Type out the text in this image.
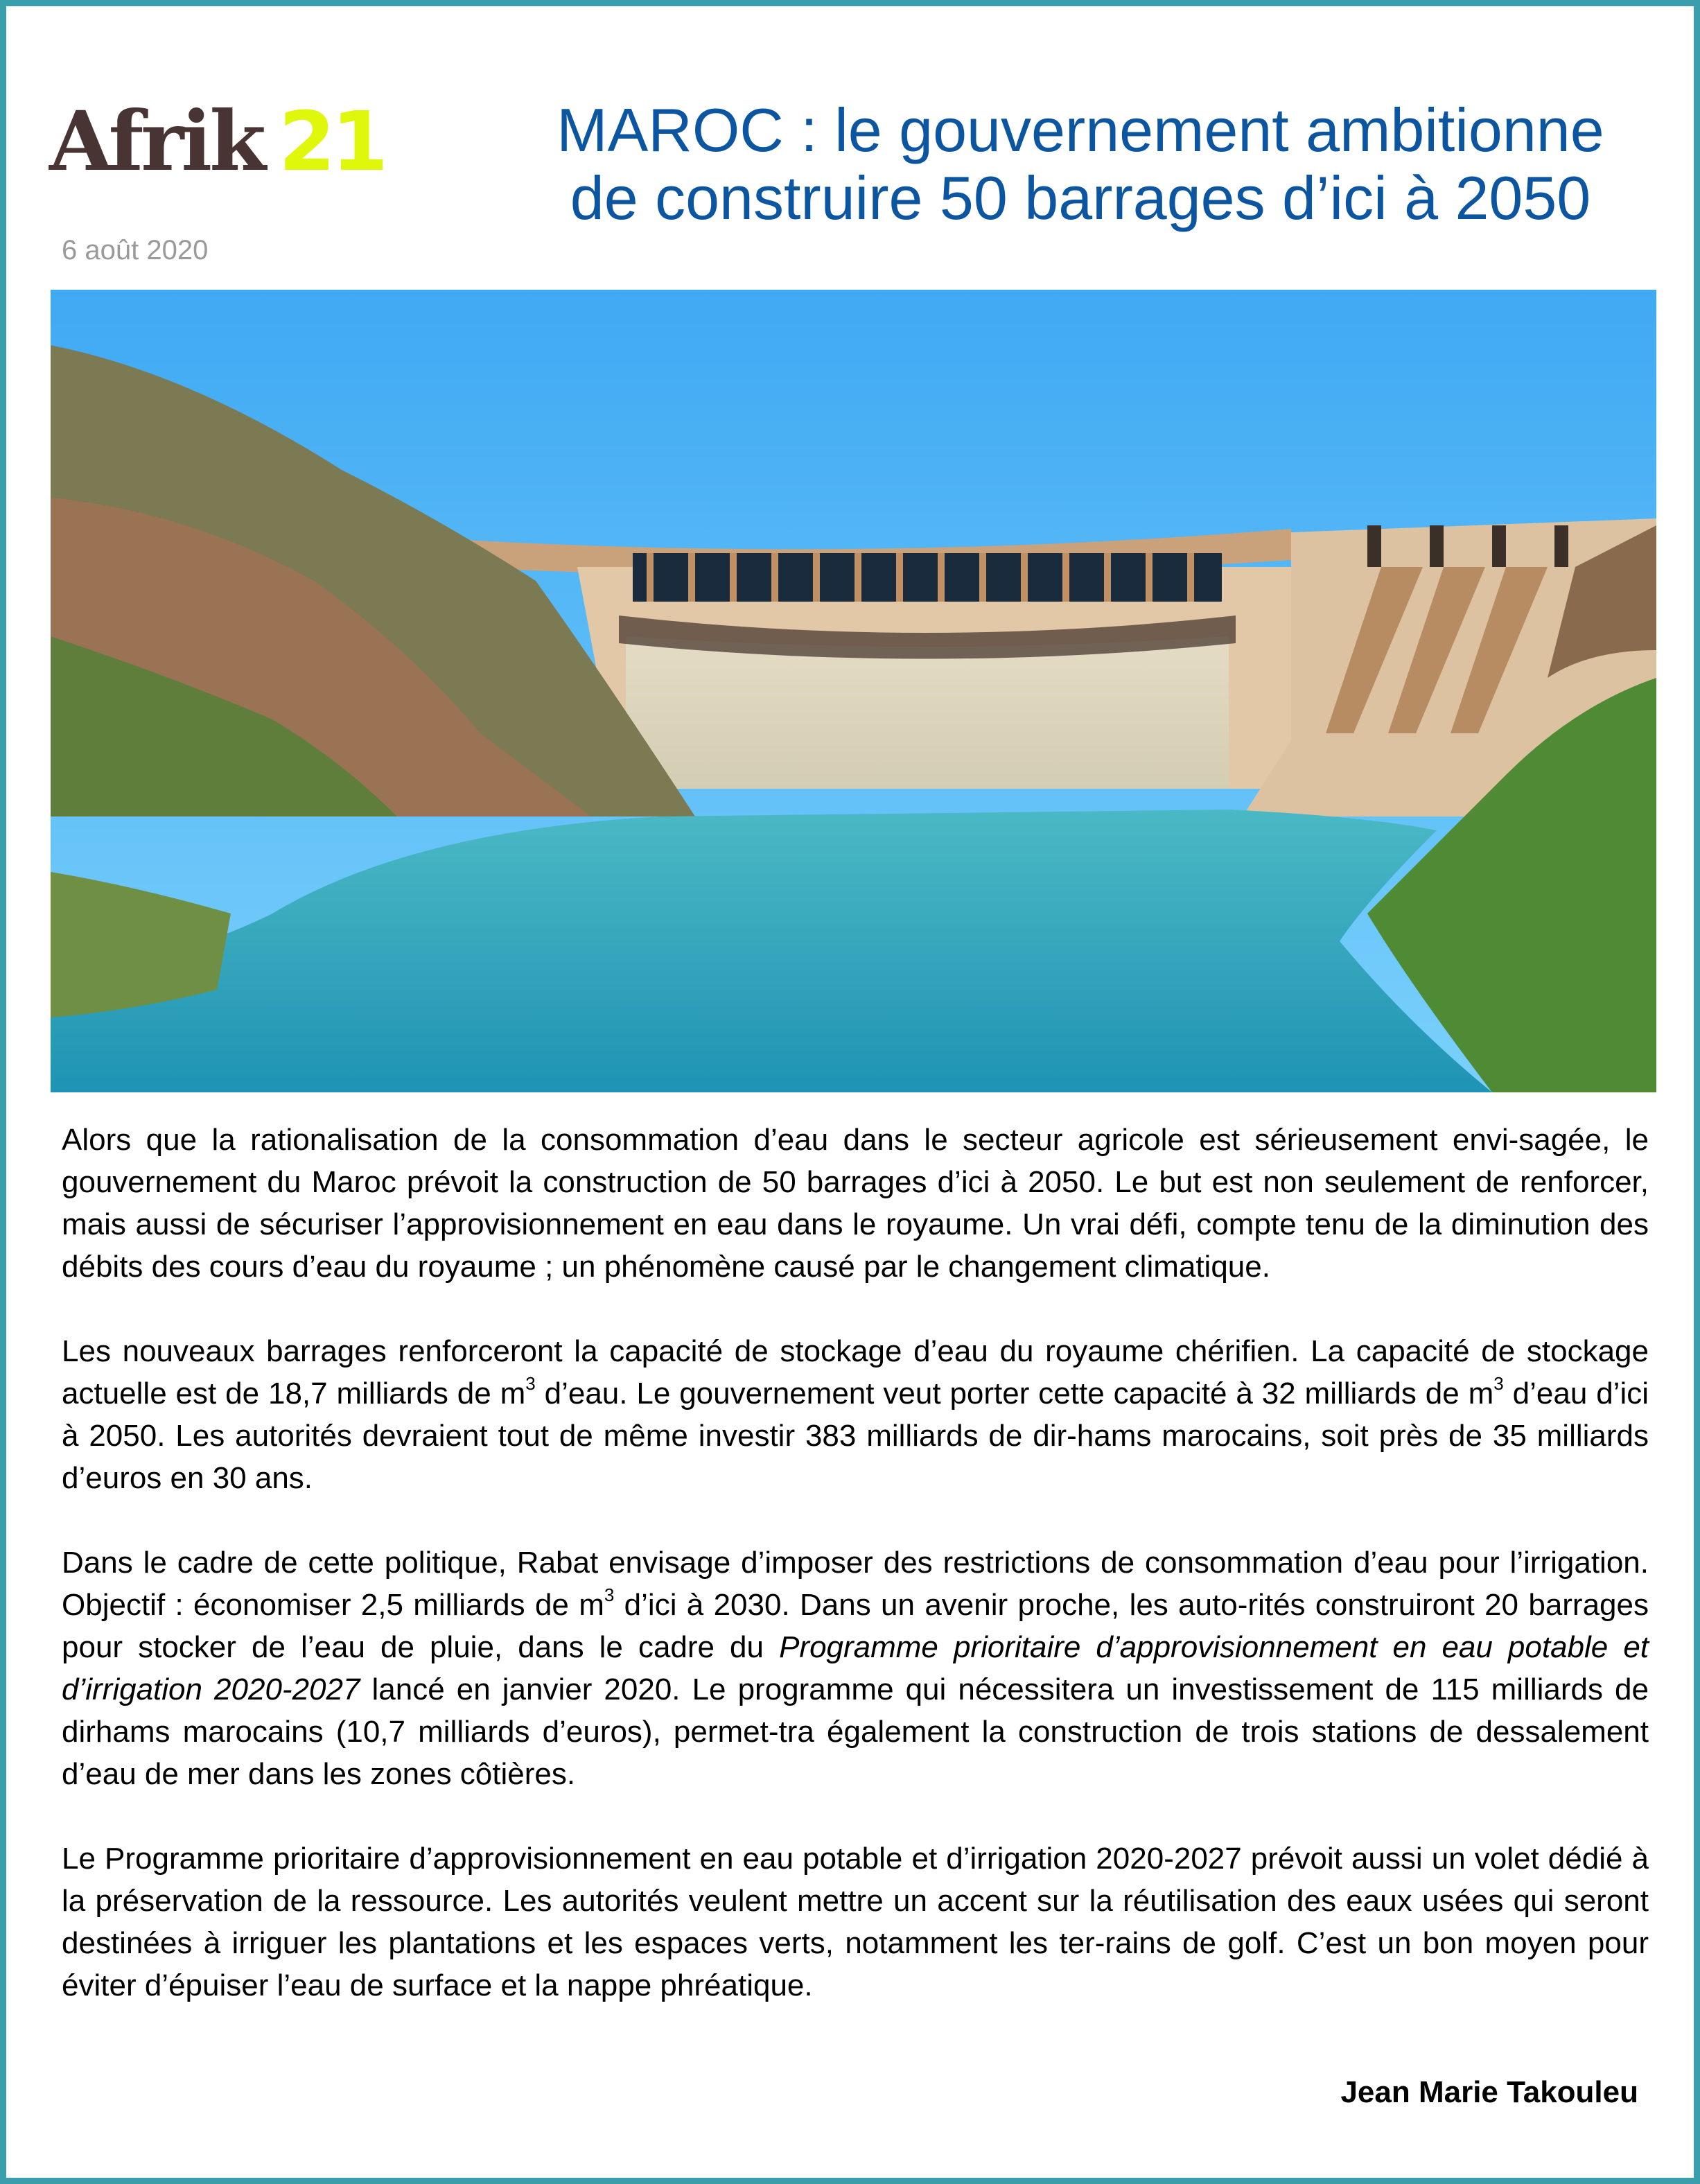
Afrik 21
6 août 2020
MAROC : le gouvernement ambitionne
de construire 50 barrages d’ici à 2050

Alors que la rationalisation de la consommation d’eau dans le secteur agricole est sérieusement envi-sagée, le gouvernement du Maroc prévoit la construction de 50 barrages d’ici à 2050. Le but est non seulement de renforcer, mais aussi de sécuriser l’approvisionnement en eau dans le royaume. Un vrai défi, compte tenu de la diminution des débits des cours d’eau du royaume ; un phénomène causé par le changement climatique.

Les nouveaux barrages renforceront la capacité de stockage d’eau du royaume chérifien. La capacité de stockage actuelle est de 18,7 milliards de $m^3$ d’eau. Le gouvernement veut porter cette capacité à 32 milliards de $m^3$ d’eau d’ici à 2050. Les autorités devraient tout de même investir 383 milliards de dir-hams marocains, soit près de 35 milliards d’euros en 30 ans.

Dans le cadre de cette politique, Rabat envisage d’imposer des restrictions de consommation d’eau pour l’irrigation. Objectif : économiser 2,5 milliards de $m^3$ d’ici à 2030. Dans un avenir proche, les auto-rités construiront 20 barrages pour stocker de l’eau de pluie, dans le cadre du Programme prioritaire d’approvisionnement en eau potable et d’irrigation 2020-2027 lancé en janvier 2020. Le programme qui nécessitera un investissement de 115 milliards de dirhams marocains (10,7 milliards d’euros), permet-tra également la construction de trois stations de dessalement d’eau de mer dans les zones côtières.

Le Programme prioritaire d’approvisionnement en eau potable et d’irrigation 2020-2027 prévoit aussi un volet dédié à la préservation de la ressource. Les autorités veulent mettre un accent sur la réutilisation des eaux usées qui seront destinées à irriguer les plantations et les espaces verts, notamment les ter-rains de golf. C’est un bon moyen pour éviter d’épuiser l’eau de surface et la nappe phréatique.

Jean Marie Takouleu
